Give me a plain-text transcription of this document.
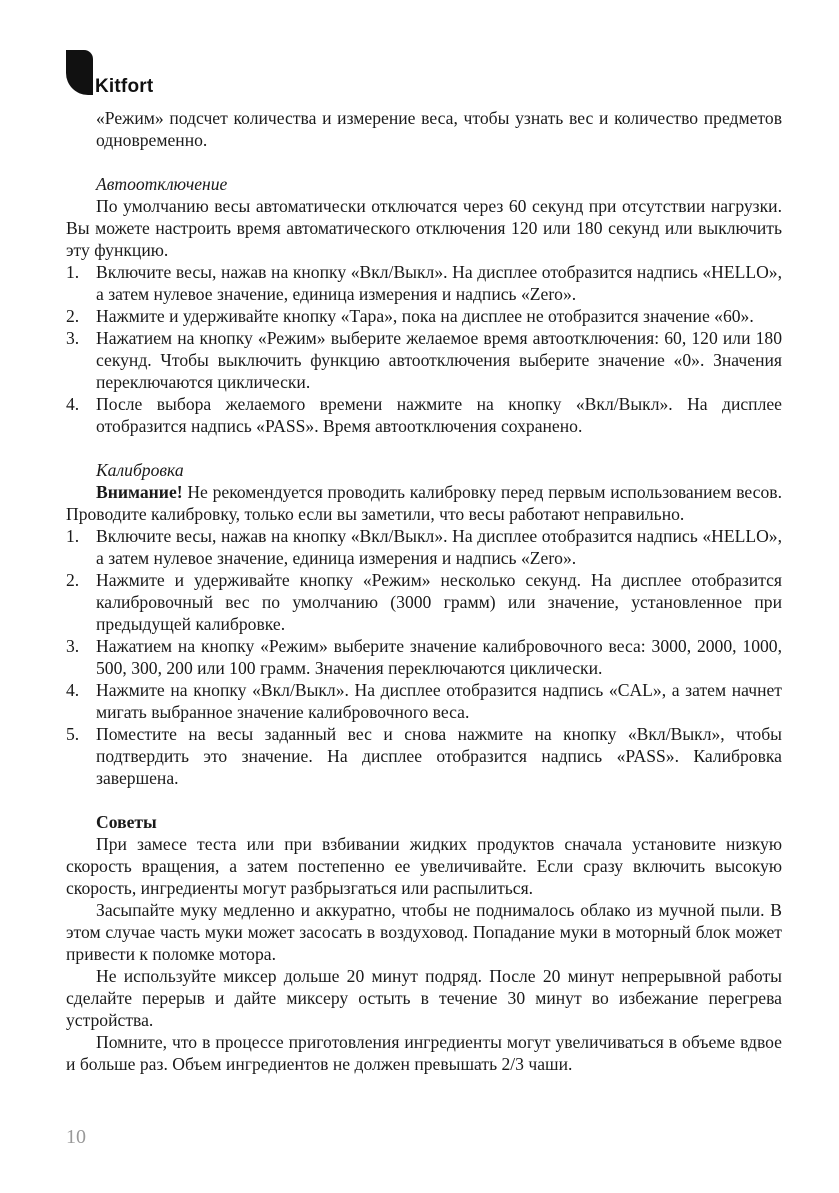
Kitfort

«Режим» подсчет количества и измерение веса, чтобы узнать вес и количество предметов одновременно.

Автоотключение

По умолчанию весы автоматически отключатся через 60 секунд при отсутствии нагрузки. Вы можете настроить время автоматического отключения 120 или 180 секунд или выключить эту функцию.

1. Включите весы, нажав на кнопку «Вкл/Выкл». На дисплее отобразится надпись «HELLO», а затем нулевое значение, единица измерения и надпись «Zero».
2. Нажмите и удерживайте кнопку «Тара», пока на дисплее не отобразится значение «60».
3. Нажатием на кнопку «Режим» выберите желаемое время автоотключения: 60, 120 или 180 секунд. Чтобы выключить функцию автоотключения выберите значение «0». Значения переключаются циклически.
4. После выбора желаемого времени нажмите на кнопку «Вкл/Выкл». На дисплее отобразится надпись «PASS». Время автоотключения сохранено.

Калибровка

Внимание! Не рекомендуется проводить калибровку перед первым использованием весов. Проводите калибровку, только если вы заметили, что весы работают неправильно.

1. Включите весы, нажав на кнопку «Вкл/Выкл». На дисплее отобразится надпись «HELLO», а затем нулевое значение, единица измерения и надпись «Zero».
2. Нажмите и удерживайте кнопку «Режим» несколько секунд. На дисплее отобразится калибровочный вес по умолчанию (3000 грамм) или значение, установленное при предыдущей калибровке.
3. Нажатием на кнопку «Режим» выберите значение калибровочного веса: 3000, 2000, 1000, 500, 300, 200 или 100 грамм. Значения переключаются циклически.
4. Нажмите на кнопку «Вкл/Выкл». На дисплее отобразится надпись «CAL», а затем начнет мигать выбранное значение калибровочного веса.
5. Поместите на весы заданный вес и снова нажмите на кнопку «Вкл/Выкл», чтобы подтвердить это значение. На дисплее отобразится надпись «PASS». Калибровка завершена.

Советы

При замесе теста или при взбивании жидких продуктов сначала установите низкую скорость вращения, а затем постепенно ее увеличивайте. Если сразу включить высокую скорость, ингредиенты могут разбрызгаться или распылиться.

Засыпайте муку медленно и аккуратно, чтобы не поднималось облако из мучной пыли. В этом случае часть муки может засосать в воздуховод. Попадание муки в моторный блок может привести к поломке мотора.

Не используйте миксер дольше 20 минут подряд. После 20 минут непрерывной работы сделайте перерыв и дайте миксеру остыть в течение 30 минут во избежание перегрева устройства.

Помните, что в процессе приготовления ингредиенты могут увеличиваться в объеме вдвое и больше раз. Объем ингредиентов не должен превышать 2/3 чаши.

10
